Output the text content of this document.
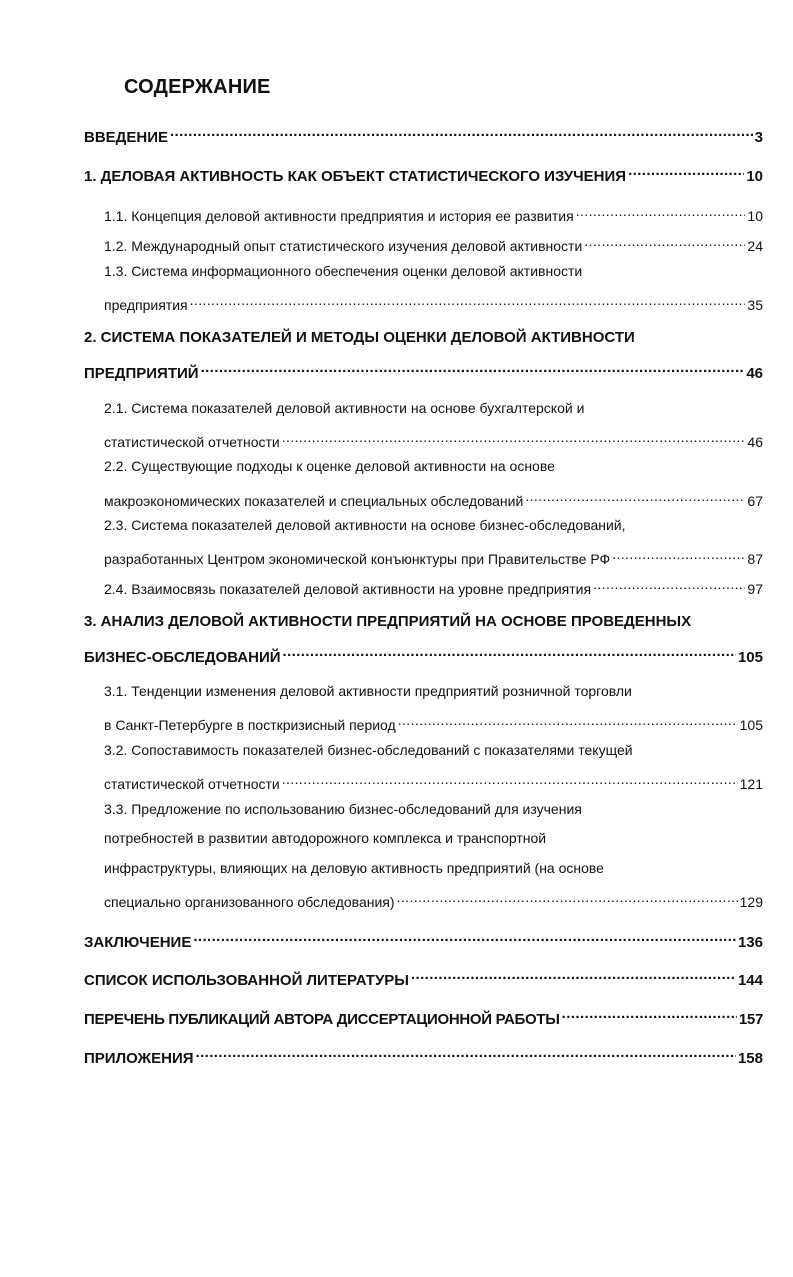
СОДЕРЖАНИЕ
ВВЕДЕНИЕ .....	3
1. ДЕЛОВАЯ АКТИВНОСТЬ КАК ОБЪЕКТ СТАТИСТИЧЕСКОГО ИЗУЧЕНИЯ .....	10
1.1. Концепция деловой активности предприятия и история ее развития .....	10
1.2. Международный опыт статистического изучения деловой активности .....	24
1.3. Система информационного обеспечения оценки деловой активности
предприятия .....	35
2. СИСТЕМА ПОКАЗАТЕЛЕЙ И МЕТОДЫ ОЦЕНКИ ДЕЛОВОЙ АКТИВНОСТИ
ПРЕДПРИЯТИЙ .....	46
2.1. Система показателей деловой активности на основе бухгалтерской и
статистической отчетности .....	46
2.2. Существующие подходы к оценке деловой активности на основе
макроэкономических показателей и специальных обследований .....	67
2.3. Система показателей деловой активности на основе бизнес-обследований,
разработанных Центром экономической конъюнктуры при Правительстве РФ .....	87
2.4. Взаимосвязь показателей деловой активности на уровне предприятия .....	97
3. АНАЛИЗ ДЕЛОВОЙ АКТИВНОСТИ ПРЕДПРИЯТИЙ НА ОСНОВЕ ПРОВЕДЕННЫХ
БИЗНЕС-ОБСЛЕДОВАНИЙ .....	105
3.1. Тенденции изменения деловой активности предприятий розничной торговли
в Санкт-Петербурге в посткризисный период .....	105
3.2. Сопоставимость показателей бизнес-обследований с показателями текущей
статистической отчетности .....	121
3.3. Предложение по использованию бизнес-обследований для изучения
потребностей в развитии автодорожного комплекса и транспортной
инфраструктуры, влияющих на деловую активность предприятий (на основе
специально организованного обследования) .....	129
ЗАКЛЮЧЕНИЕ .....	136
СПИСОК ИСПОЛЬЗОВАННОЙ ЛИТЕРАТУРЫ .....	144
ПЕРЕЧЕНЬ ПУБЛИКАЦИЙ АВТОРА ДИССЕРТАЦИОННОЙ РАБОТЫ .....	157
ПРИЛОЖЕНИЯ .....	158
